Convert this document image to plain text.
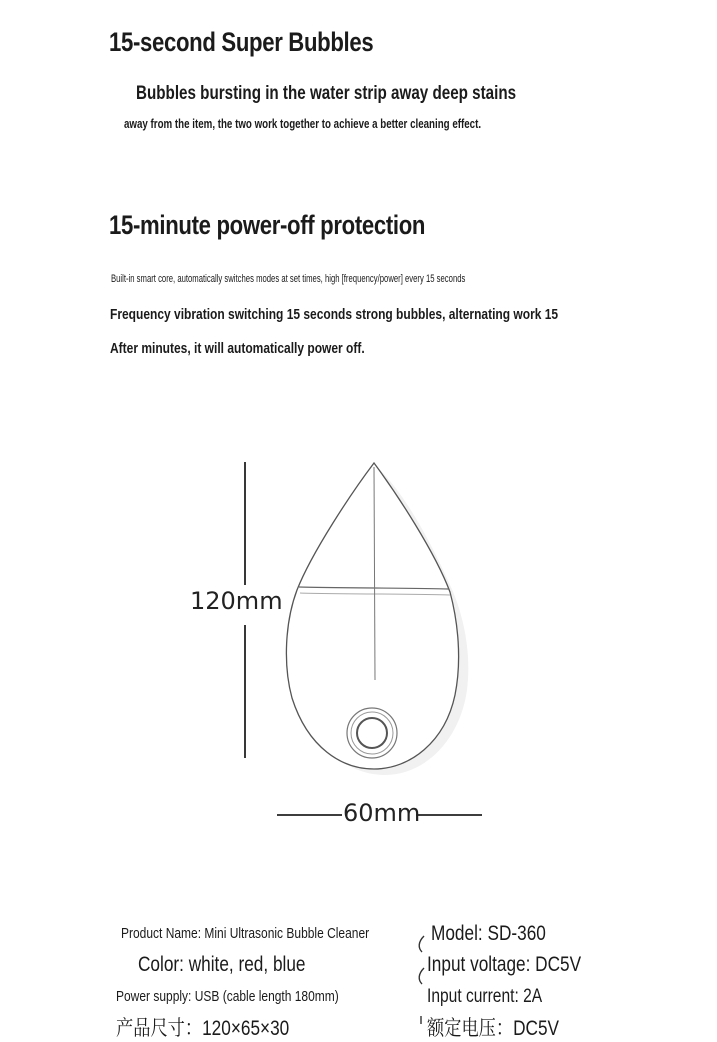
15-second Super Bubbles
Bubbles bursting in the water strip away deep stains
away from the item, the two work together to achieve a better cleaning effect.
15-minute power-off protection
Built-in smart core, automatically switches modes at set times, high [frequency/power] every 15 seconds
Frequency vibration switching 15 seconds strong bubbles, alternating work 15
After minutes, it will automatically power off.
120mm
60mm
Product Name: Mini Ultrasonic Bubble Cleaner
Color: white, red, blue
Power supply: USB (cable length 180mm)
产品尺寸：120×65×30
Model: SD-360
Input voltage: DC5V
Input current: 2A
额定电压：DC5V
